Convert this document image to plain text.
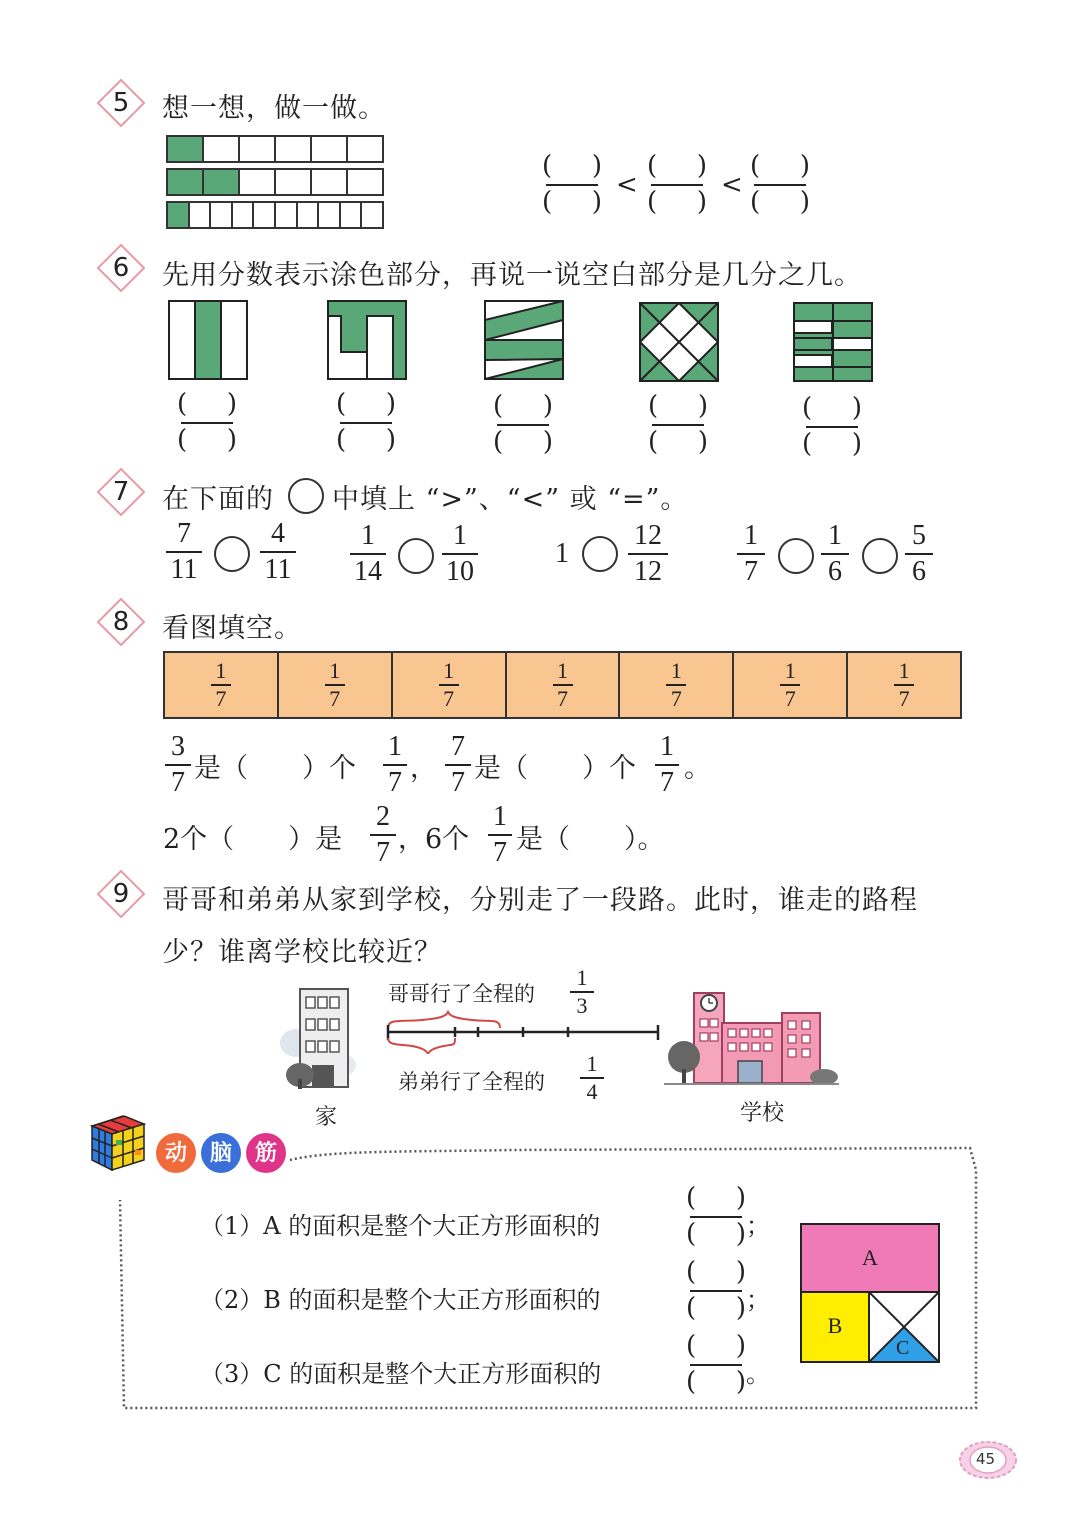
5	想一想，做一做。
( )
( )
<
( )
( )
<
( )
( )
6	先用分数表示涂色部分，再说一说空白部分是几分之几。
( )
( )
( )
( )
( )
( )
( )
( )
( )
( )
7	在下面的 中填上 “>”、“<” 或 “=”。
7
11
4
11
1
14
1
10
1
12
12
1
7
1
6
5
6
8	看图填空。
$\frac{1}{7}$	$\frac{1}{7}$	$\frac{1}{7}$	$\frac{1}{7}$	$\frac{1}{7}$	$\frac{1}{7}$	$\frac{1}{7}$
3
7 是（　　）个
1
7 ，
7
7 是（　　）个
1
7 。
2个（　　）是
2
7 ，6个
1
7 是（　　）。
9	哥哥和弟弟从家到学校，分别走了一段路。此时，谁走的路程
少？谁离学校比较近？
家
哥哥行了全程的
1
3
弟弟行了全程的
1
4
学校
动	脑	筋
（1）A 的面积是整个大正方形面积的
( )
( ) ；
（2）B 的面积是整个大正方形面积的
( )
( ) ；
（3）C 的面积是整个大正方形面积的
( )
( ) 。
A
B
C
45
